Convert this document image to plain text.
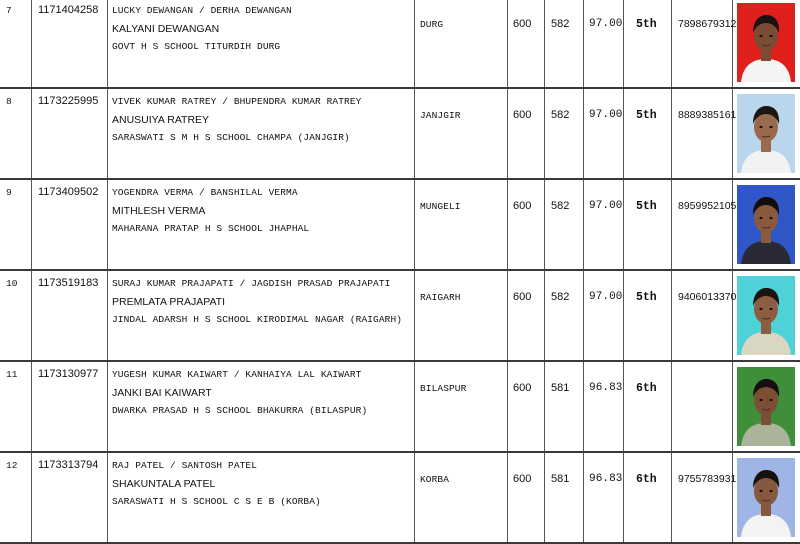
7 1171404258 LUCKY DEWANGAN / DERHA DEWANGAN
KALYANI DEWANGAN
GOVT H S SCHOOL TITURDIH DURG
DURG	600 582 97.00 5th 7898679312
8 1173225995 VIVEK KUMAR RATREY / BHUPENDRA KUMAR RATREY
ANUSUIYA RATREY
SARASWATI S M H S SCHOOL CHAMPA (JANJGIR)
JANJGIR	600 582 97.00 5th 8889385161
9 1173409502 YOGENDRA VERMA / BANSHILAL VERMA
MITHLESH VERMA
MAHARANA PRATAP H S SCHOOL JHAPHAL
MUNGELI	600 582 97.00 5th 8959952105
10 1173519183 SURAJ KUMAR PRAJAPATI / JAGDISH PRASAD PRAJAPATI
PREMLATA PRAJAPATI
JINDAL ADARSH H S SCHOOL KIRODIMAL NAGAR (RAIGARH)
RAIGARH	600 582 97.00 5th 9406013370
11 1173130977 YUGESH KUMAR KAIWART / KANHAIYA LAL KAIWART
JANKI BAI KAIWART
DWARKA PRASAD H S SCHOOL BHAKURRA (BILASPUR)
BILASPUR	600 581 96.83 6th
12 1173313794 RAJ PATEL / SANTOSH PATEL
SHAKUNTALA PATEL
SARASWATI H S SCHOOL C S E B (KORBA)
KORBA	600 581 96.83 6th 9755783931
